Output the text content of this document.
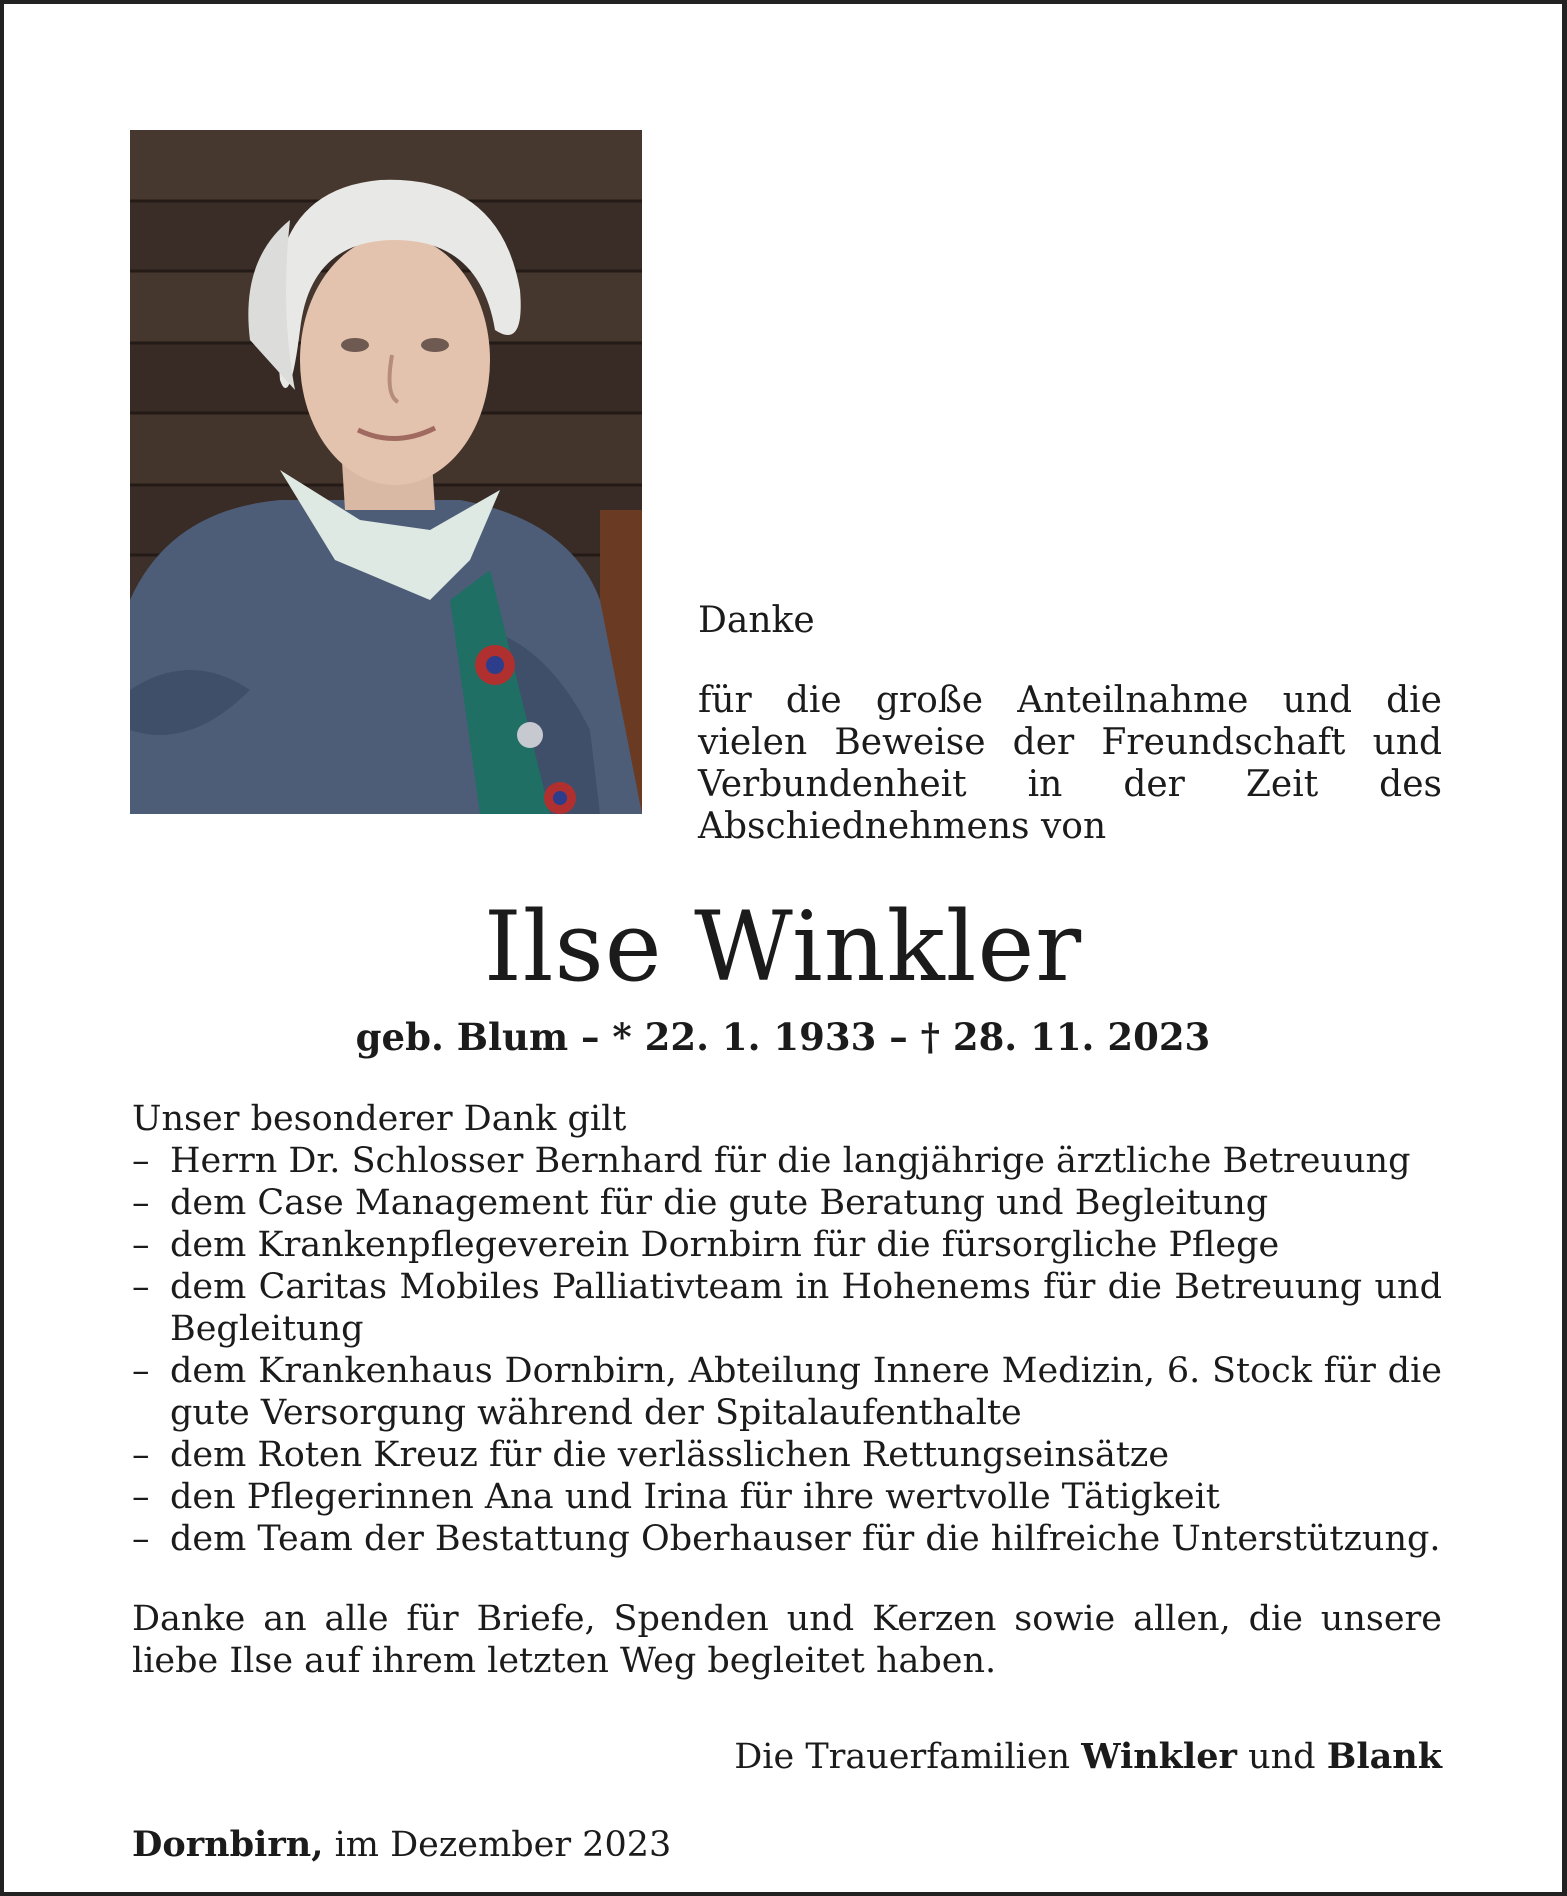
Danke
für die große Anteilnahme und die vielen Beweise der Freundschaft und Verbundenheit in der Zeit des Abschiednehmens von
Ilse Winkler
geb. Blum – * 22. 1. 1933 – † 28. 11. 2023
Unser besonderer Dank gilt
– Herrn Dr. Schlosser Bernhard für die langjährige ärztliche Betreuung
– dem Case Management für die gute Beratung und Begleitung
– dem Krankenpflegeverein Dornbirn für die fürsorgliche Pflege
– dem Caritas Mobiles Palliativteam in Hohenems für die Betreuung und Begleitung
– dem Krankenhaus Dornbirn, Abteilung Innere Medizin, 6. Stock für die gute Versorgung während der Spitalaufenthalte
– dem Roten Kreuz für die verlässlichen Rettungseinsätze
– den Pflegerinnen Ana und Irina für ihre wertvolle Tätigkeit
– dem Team der Bestattung Oberhauser für die hilfreiche Unterstützung.
Danke an alle für Briefe, Spenden und Kerzen sowie allen, die unsere liebe Ilse auf ihrem letzten Weg begleitet haben.
Die Trauerfamilien Winkler und Blank
Dornbirn, im Dezember 2023
